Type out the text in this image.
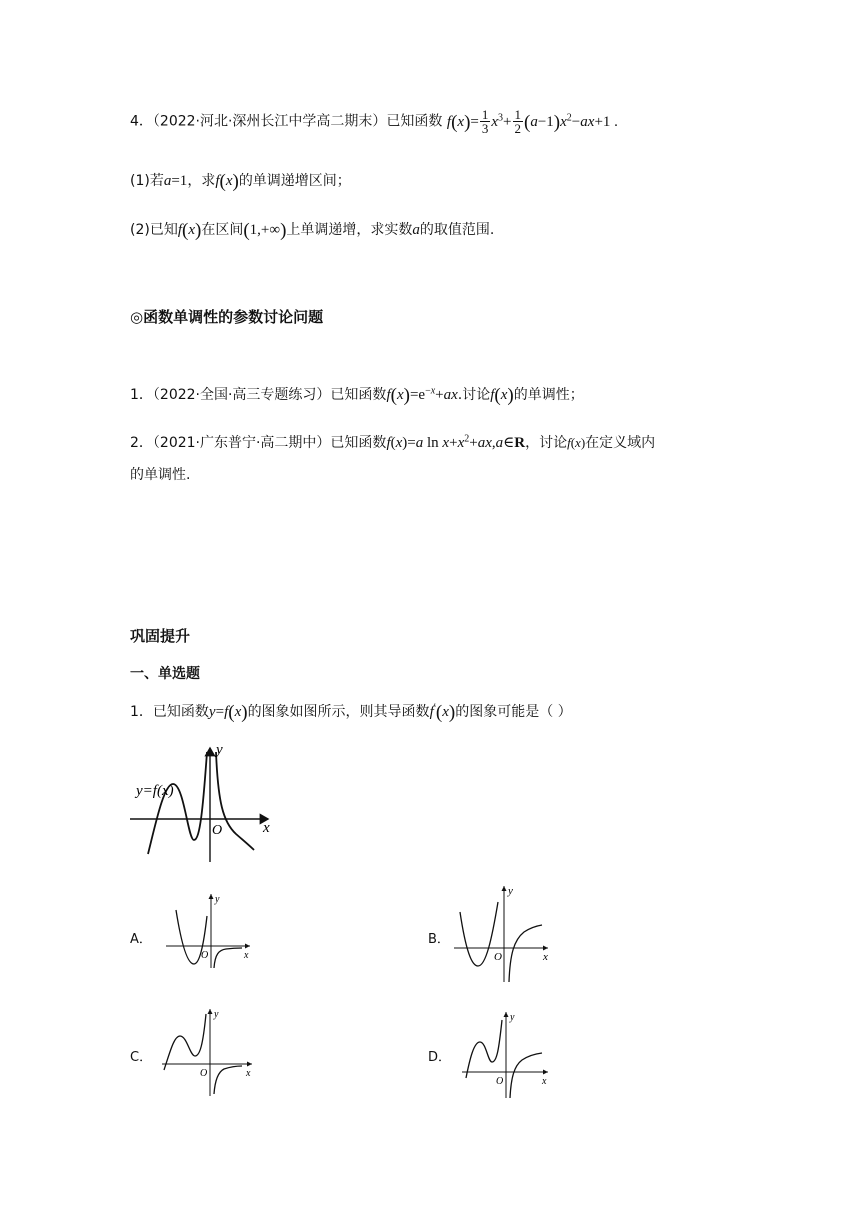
4．（2022·河北·深州长江中学高二期末）已知函数 $f(x)= \frac{1}{3} x^3+ \frac{1}{2} (a-1)x^2-ax+1$ .
(1)若a=1，求f(x)的单调递增区间；
(2)已知f(x)在区间(1,+∞)上单调递增，求实数a的取值范围.
◎函数单调性的参数讨论问题
1．（2022·全国·高三专题练习）已知函数$f(x)=e^{-x}+ax$.讨论f(x)的单调性；
2．（2021·广东普宁·高二期中）已知函数f(x)=a $\ln x+x^2+ax,a\in R$，讨论f(x)在定义域内
的单调性.
巩固提升
一、单选题
1．已知函数y=f(x)的图象如图所示，则其导函数f′(x)的图象可能是（ ）
y=f(x)
y
x
O
A．
y
x
O
B．
y
x
O
C．
y
x
O
D．
y
x
O
